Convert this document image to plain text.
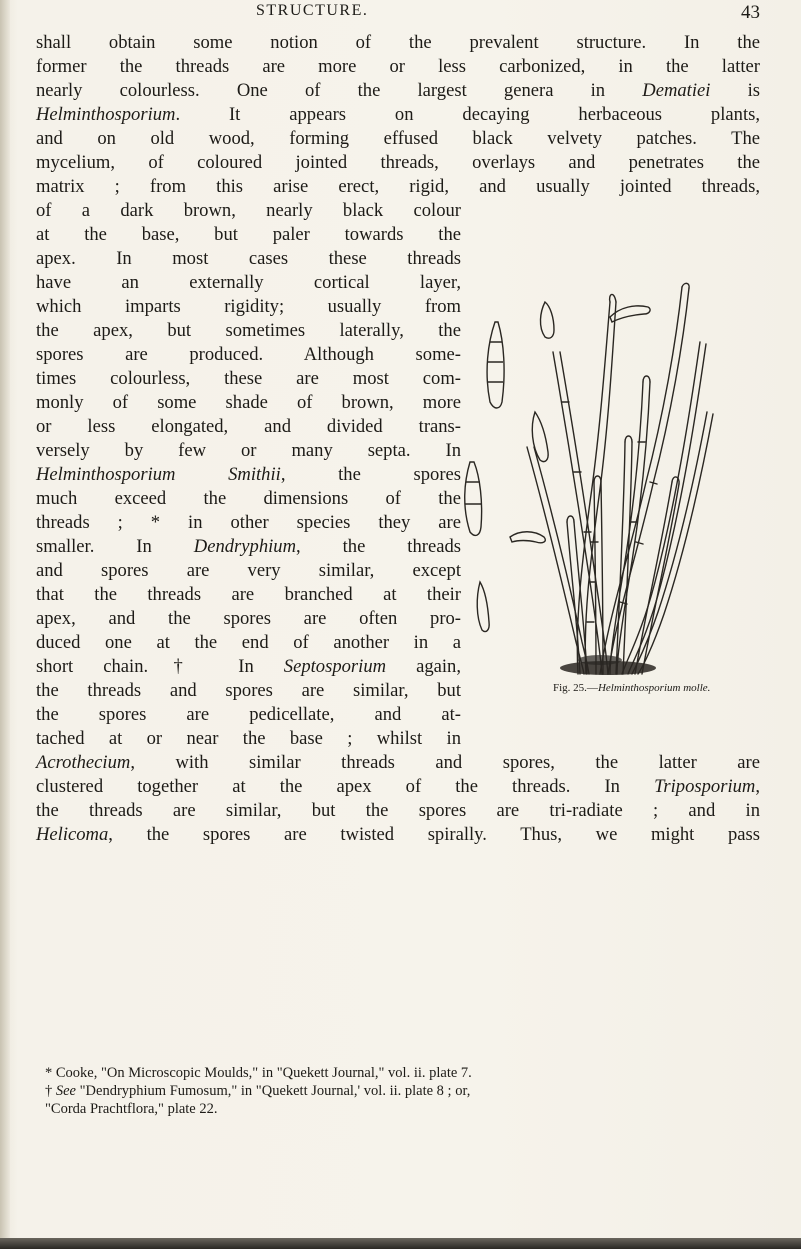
STRUCTURE.	43
shall obtain some notion of the prevalent structure. In the
former the threads are more or less carbonized, in the latter
nearly colourless. One of the largest genera in Dematiei is
Helminthosporium. It appears on decaying herbaceous plants,
and on old wood, forming effused black velvety patches. The
mycelium, of coloured jointed threads, overlays and penetrates the
matrix ; from this arise erect, rigid, and usually jointed threads,
of a dark brown, nearly black colour
at the base, but paler towards the
apex. In most cases these threads
have an externally cortical layer,
which imparts rigidity; usually from
the apex, but sometimes laterally, the
spores are produced. Although some-
times colourless, these are most com-
monly of some shade of brown, more
or less elongated, and divided trans-
versely by few or many septa. In
Helminthosporium Smithii, the spores
much exceed the dimensions of the
threads ; * in other species they are
smaller. In Dendryphium, the threads
and spores are very similar, except
that the threads are branched at their
apex, and the spores are often pro-
duced one at the end of another in a
short chain.† In Septosporium again,
the threads and spores are similar, but
the spores are pedicellate, and at-
tached at or near the base ; whilst in
Acrothecium, with similar threads and spores, the latter are
clustered together at the apex of the threads. In Triposporium,
the threads are similar, but the spores are tri-radiate ; and in
Helicoma, the spores are twisted spirally. Thus, we might pass
Fig. 25.—Helminthosporium molle.
* Cooke, "On Microscopic Moulds," in "Quekett Journal," vol. ii. plate 7.
† See "Dendryphium Fumosum," in "Quekett Journal,' vol. ii. plate 8 ; or,
"Corda Prachtflora," plate 22.
